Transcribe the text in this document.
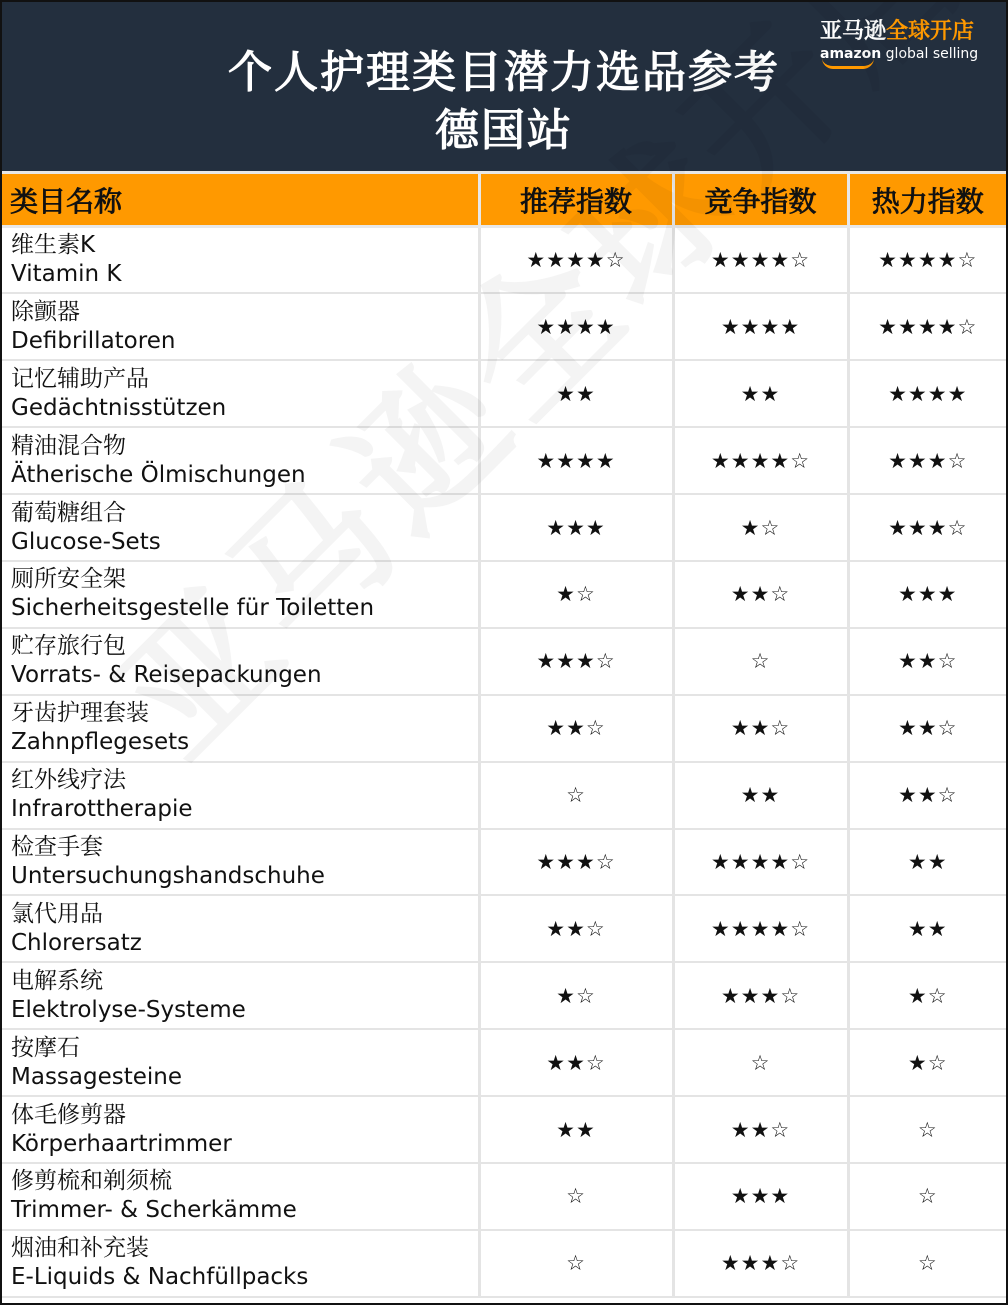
个人护理类目潜力选品参考
德国站
亚马逊全球开店
amazon global selling
类目名称	推荐指数	竞争指数	热力指数

维生素K
Vitamin K	★★★★☆	★★★★☆	★★★★☆

除颤器
Defibrillatoren	★★★★	★★★★	★★★★☆

记忆辅助产品
Gedächtnisstützen	★★	★★	★★★★

精油混合物
Ätherische Ölmischungen	★★★★	★★★★☆	★★★☆

葡萄糖组合
Glucose-Sets	★★★	★☆	★★★☆

厕所安全架
Sicherheitsgestelle für Toiletten	★☆	★★☆	★★★

贮存旅行包
Vorrats- & Reisepackungen	★★★☆	☆	★★☆

牙齿护理套装
Zahnpflegesets	★★☆	★★☆	★★☆

红外线疗法
Infrarottherapie	☆	★★	★★☆

检查手套
Untersuchungshandschuhe	★★★☆	★★★★☆	★★

氯代用品
Chlorersatz	★★☆	★★★★☆	★★

电解系统
Elektrolyse-Systeme	★☆	★★★☆	★☆

按摩石
Massagesteine	★★☆	☆	★☆

体毛修剪器
Körperhaartrimmer	★★	★★☆	☆

修剪梳和剃须梳
Trimmer- & Scherkämme	☆	★★★	☆

烟油和补充装
E-Liquids & Nachfüllpacks	☆	★★★☆	☆
